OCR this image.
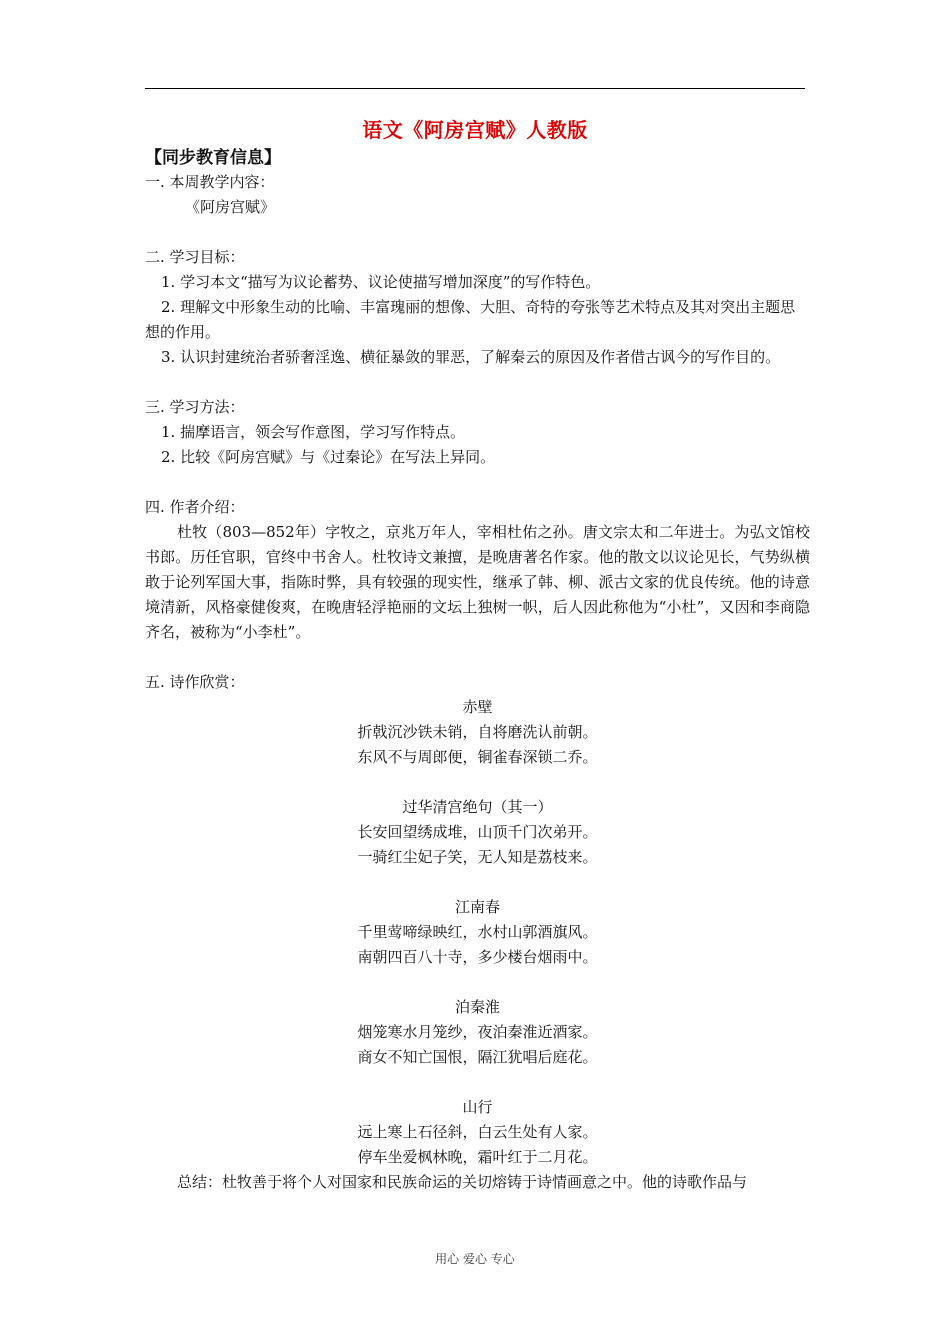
语文《阿房宫赋》人教版
【同步教育信息】
一. 本周教学内容：
《阿房宫赋》
二. 学习目标：
1. 学习本文“描写为议论蓄势、议论使描写增加深度”的写作特色。
2. 理解文中形象生动的比喻、丰富瑰丽的想像、大胆、奇特的夸张等艺术特点及其对突出主题思想的作用。
3. 认识封建统治者骄奢淫逸、横征暴敛的罪恶，了解秦云的原因及作者借古讽今的写作目的。
三. 学习方法：
1. 揣摩语言，领会写作意图，学习写作特点。
2. 比较《阿房宫赋》与《过秦论》在写法上异同。
四. 作者介绍：
杜牧（803—852年）字牧之，京兆万年人，宰相杜佑之孙。唐文宗太和二年进士。为弘文馆校书郎。历任官职，官终中书舍人。杜牧诗文兼擅，是晚唐著名作家。他的散文以议论见长，气势纵横敢于论列军国大事，指陈时弊，具有较强的现实性，继承了韩、柳、派古文家的优良传统。他的诗意境清新，风格豪健俊爽，在晚唐轻浮艳丽的文坛上独树一帜，后人因此称他为“小杜”，又因和李商隐齐名，被称为“小李杜”。
五. 诗作欣赏：
赤壁
折戟沉沙铁未销，自将磨洗认前朝。
东风不与周郎便，铜雀春深锁二乔。
过华清宫绝句（其一）
长安回望绣成堆，山顶千门次弟开。
一骑红尘妃子笑，无人知是荔枝来。
江南春
千里莺啼绿映红，水村山郭酒旗风。
南朝四百八十寺，多少楼台烟雨中。
泊秦淮
烟笼寒水月笼纱，夜泊秦淮近酒家。
商女不知亡国恨，隔江犹唱后庭花。
山行
远上寒上石径斜，白云生处有人家。
停车坐爱枫林晚，霜叶红于二月花。
总结：杜牧善于将个人对国家和民族命运的关切熔铸于诗情画意之中。他的诗歌作品与
用心 爱心 专心
